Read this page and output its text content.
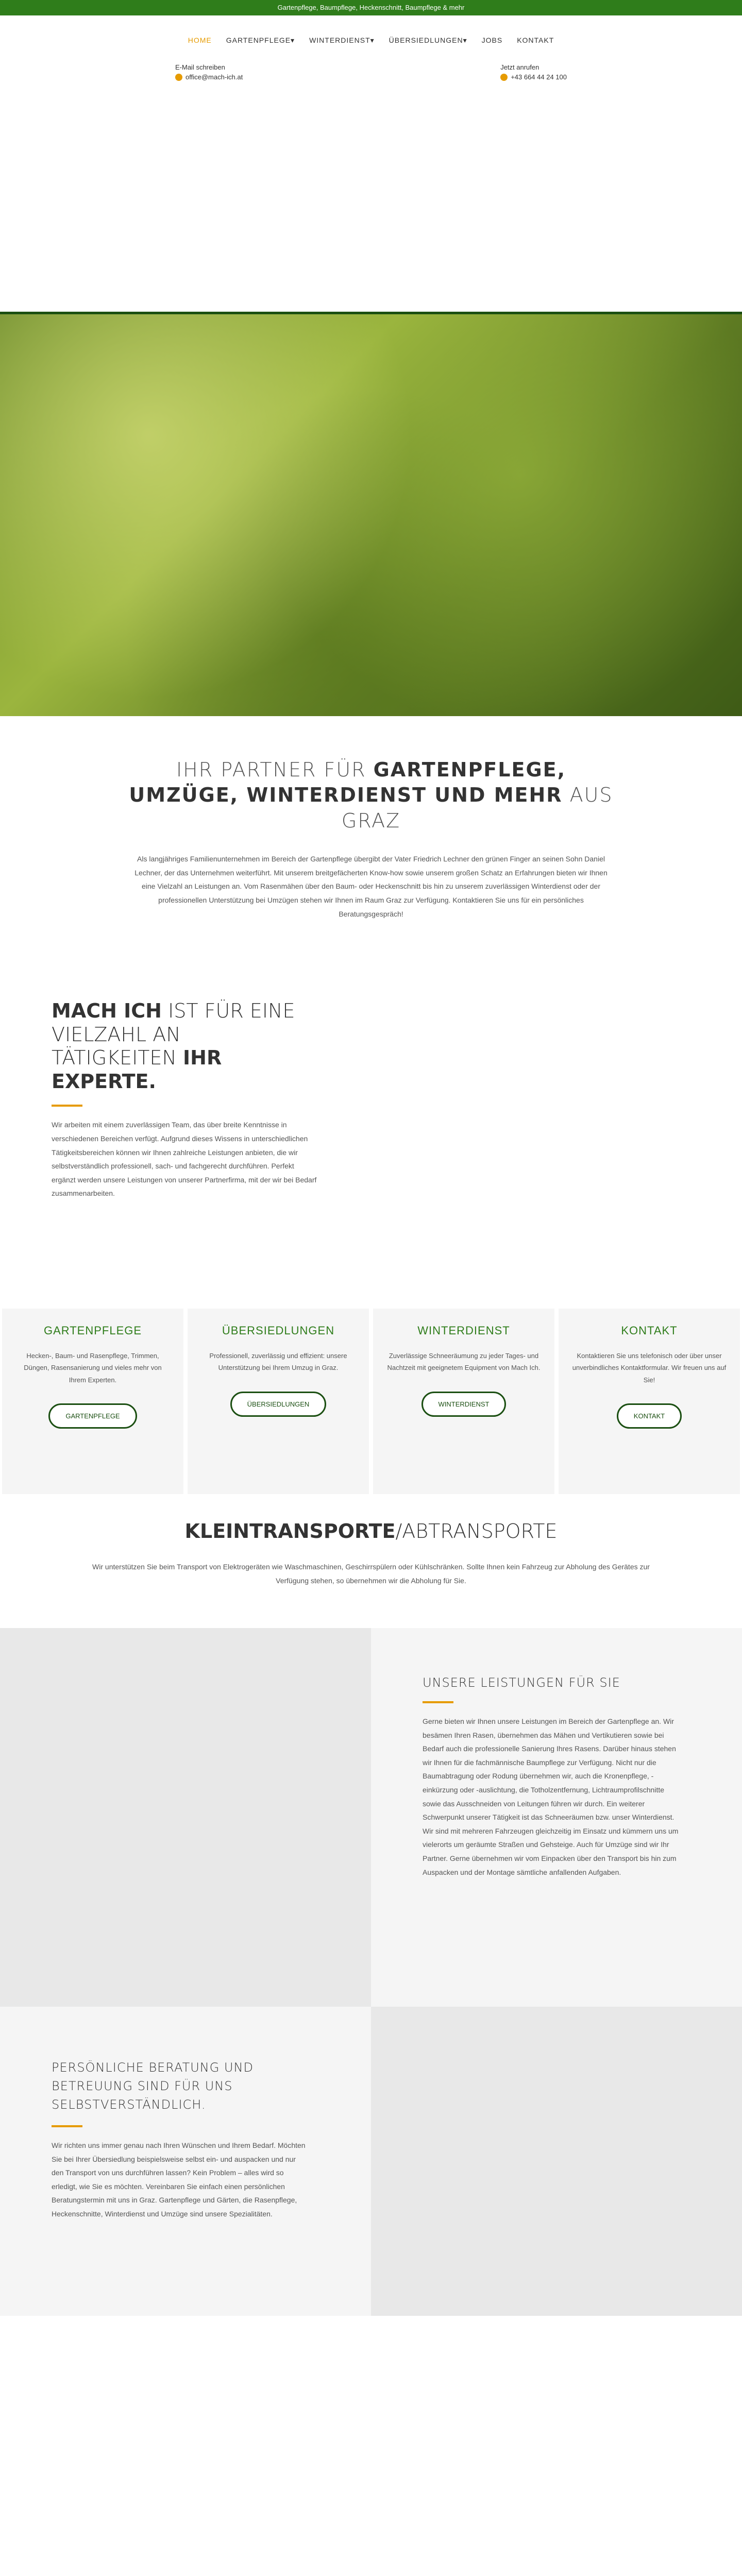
Gartenpflege, Baumpflege, Heckenschnitt, Baumpflege & mehr
HOME GARTENPFLEGE▾ WINTERDIENST▾ ÜBERSIEDLUNGEN▾ JOBS KONTAKT
E-Mail schreiben
office@mach-ich.at
Jetzt anrufen
+43 664 44 24 100
IHR PARTNER FÜR GARTENPFLEGE, UMZÜGE, WINTERDIENST UND MEHR AUS GRAZ

Als langjähriges Familienunternehmen im Bereich der Gartenpflege übergibt der Vater Friedrich Lechner den grünen Finger an seinen Sohn Daniel Lechner, der das Unternehmen weiterführt. Mit unserem breitgefächerten Know-how sowie unserem großen Schatz an Erfahrungen bieten wir Ihnen eine Vielzahl an Leistungen an. Vom Rasenmähen über den Baum- oder Heckenschnitt bis hin zu unserem zuverlässigen Winterdienst oder der professionellen Unterstützung bei Umzügen stehen wir Ihnen im Raum Graz zur Verfügung. Kontaktieren Sie uns für ein persönliches Beratungsgespräch!

MACH ICH IST FÜR EINE VIELZAHL AN TÄTIGKEITEN IHR EXPERTE.

Wir arbeiten mit einem zuverlässigen Team, das über breite Kenntnisse in verschiedenen Bereichen verfügt. Aufgrund dieses Wissens in unterschiedlichen Tätigkeitsbereichen können wir Ihnen zahlreiche Leistungen anbieten, die wir selbstverständlich professionell, sach- und fachgerecht durchführen. Perfekt ergänzt werden unsere Leistungen von unserer Partnerfirma, mit der wir bei Bedarf zusammenarbeiten.

GARTENPFLEGE

Hecken-, Baum- und Rasenpflege, Trimmen, Düngen, Rasensanierung und vieles mehr von Ihrem Experten.

GARTENPFLEGE
ÜBERSIEDLUNGEN

Professionell, zuverlässig und effizient: unsere Unterstützung bei Ihrem Umzug in Graz.

ÜBERSIEDLUNGEN
WINTERDIENST

Zuverlässige Schneeräumung zu jeder Tages- und Nachtzeit mit geeignetem Equipment von Mach Ich.

WINTERDIENST
KONTAKT

Kontaktieren Sie uns telefonisch oder über unser unverbindliches Kontaktformular. Wir freuen uns auf Sie!

KONTAKT
KLEINTRANSPORTE/ABTRANSPORTE

Wir unterstützen Sie beim Transport von Elektrogeräten wie Waschmaschinen, Geschirrspülern oder Kühlschränken. Sollte Ihnen kein Fahrzeug zur Abholung des Gerätes zur Verfügung stehen, so übernehmen wir die Abholung für Sie.

UNSERE LEISTUNGEN FÜR SIE

Gerne bieten wir Ihnen unsere Leistungen im Bereich der Gartenpflege an. Wir besämen Ihren Rasen, übernehmen das Mähen und Vertikutieren sowie bei Bedarf auch die professionelle Sanierung Ihres Rasens. Darüber hinaus stehen wir Ihnen für die fachmännische Baumpflege zur Verfügung. Nicht nur die Baumabtragung oder Rodung übernehmen wir, auch die Kronenpflege, -einkürzung oder -auslichtung, die Totholzentfernung, Lichtraumprofilschnitte sowie das Ausschneiden von Leitungen führen wir durch. Ein weiterer Schwerpunkt unserer Tätigkeit ist das Schneeräumen bzw. unser Winterdienst. Wir sind mit mehreren Fahrzeugen gleichzeitig im Einsatz und kümmern uns um vielerorts um geräumte Straßen und Gehsteige. Auch für Umzüge sind wir Ihr Partner. Gerne übernehmen wir vom Einpacken über den Transport bis hin zum Auspacken und der Montage sämtliche anfallenden Aufgaben.

PERSÖNLICHE BERATUNG UND BETREUUNG SIND FÜR UNS SELBSTVERSTÄNDLICH.

Wir richten uns immer genau nach Ihren Wünschen und Ihrem Bedarf. Möchten Sie bei Ihrer Übersiedlung beispielsweise selbst ein- und auspacken und nur den Transport von uns durchführen lassen? Kein Problem – alles wird so erledigt, wie Sie es möchten. Vereinbaren Sie einfach einen persönlichen Beratungstermin mit uns in Graz. Gartenpflege und Gärten, die Rasenpflege, Heckenschnitte, Winterdienst und Umzüge sind unsere Spezialitäten.
